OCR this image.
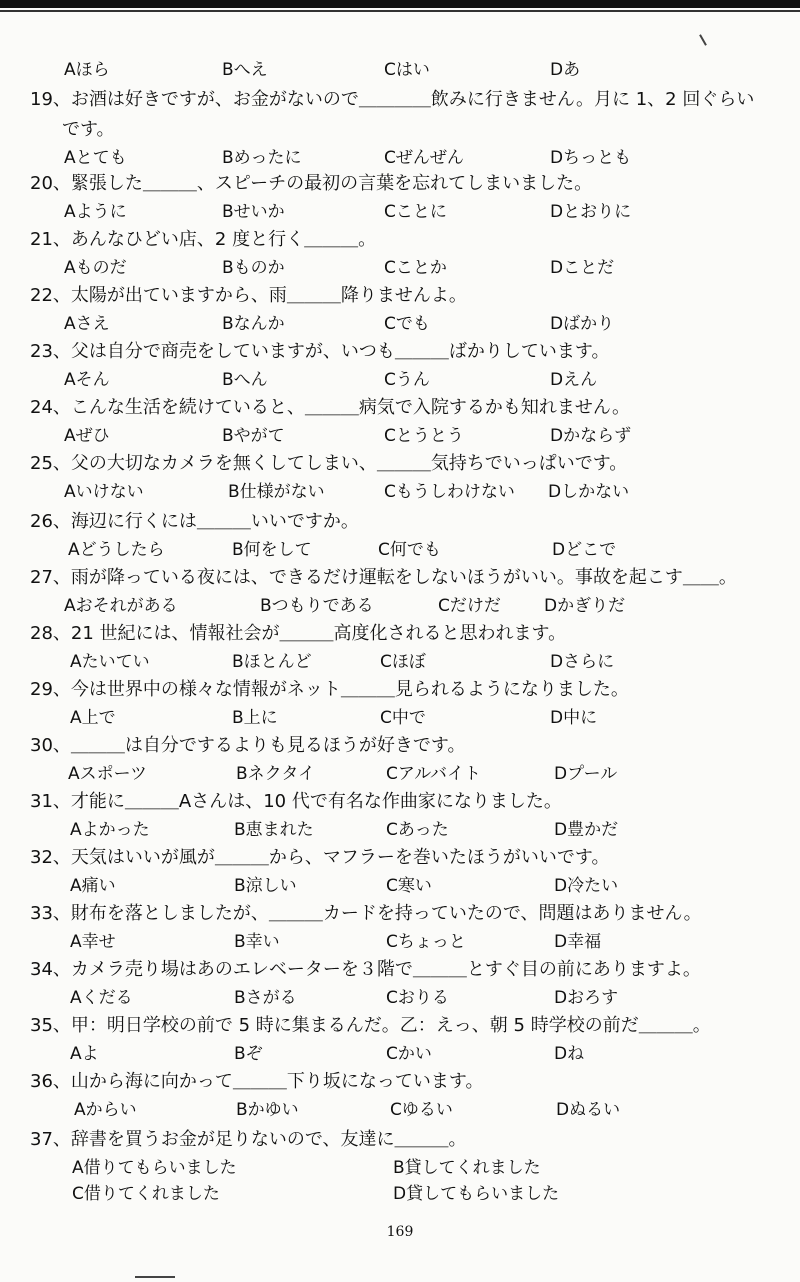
Aほら	Bへえ	Cはい	Dあ
19、お酒は好きですが、お金がないので＿＿＿＿飲みに行きません。月に 1、2 回ぐらい
です。
Aとても	Bめったに	Cぜんぜん	Dちっとも
20、緊張した＿＿＿、スピーチの最初の言葉を忘れてしまいました。
Aように	Bせいか	Cことに	Dとおりに
21、あんなひどい店、2 度と行く＿＿＿。
Aものだ	Bものか	Cことか	Dことだ
22、太陽が出ていますから、雨＿＿＿降りませんよ。
Aさえ	Bなんか	Cでも	Dばかり
23、父は自分で商売をしていますが、いつも＿＿＿ばかりしています。
Aそん	Bへん	Cうん	Dえん
24、こんな生活を続けていると、＿＿＿病気で入院するかも知れません。
Aぜひ	Bやがて	Cとうとう	Dかならず
25、父の大切なカメラを無くしてしまい、＿＿＿気持ちでいっぱいです。
Aいけない	B仕様がない	Cもうしわけない Dしかない
26、海辺に行くには＿＿＿いいですか。
Aどうしたら	B何をして	C何でも	Dどこで
27、雨が降っている夜には、できるだけ運転をしないほうがいい。事故を起こす＿＿。
Aおそれがある	Bつもりである	Cだけだ	Dかぎりだ
28、21 世紀には、情報社会が＿＿＿高度化されると思われます。
Aたいてい	Bほとんど	Cほぼ	Dさらに
29、今は世界中の様々な情報がネット＿＿＿見られるようになりました。
A上で	B上に	C中で	D中に
30、＿＿＿は自分でするよりも見るほうが好きです。
Aスポーツ	Bネクタイ	Cアルバイト	Dプール
31、才能に＿＿＿Aさんは、10 代で有名な作曲家になりました。
Aよかった	B恵まれた	Cあった	D豊かだ
32、天気はいいが風が＿＿＿から、マフラーを巻いたほうがいいです。
A痛い	B涼しい	C寒い	D冷たい
33、財布を落としましたが、＿＿＿カードを持っていたので、問題はありません。
A幸せ	B幸い	Cちょっと	D幸福
34、カメラ売り場はあのエレベーターを３階で＿＿＿とすぐ目の前にありますよ。
Aくだる	Bさがる	Cおりる	Dおろす
35、甲：明日学校の前で 5 時に集まるんだ。乙：えっ、朝 5 時学校の前だ＿＿＿。
Aよ	Bぞ	Cかい	Dね
36、山から海に向かって＿＿＿下り坂になっています。
Aからい	Bかゆい	Cゆるい	Dぬるい
37、辞書を買うお金が足りないので、友達に＿＿＿。
A借りてもらいました	B貸してくれました
C借りてくれました	D貸してもらいました
169
